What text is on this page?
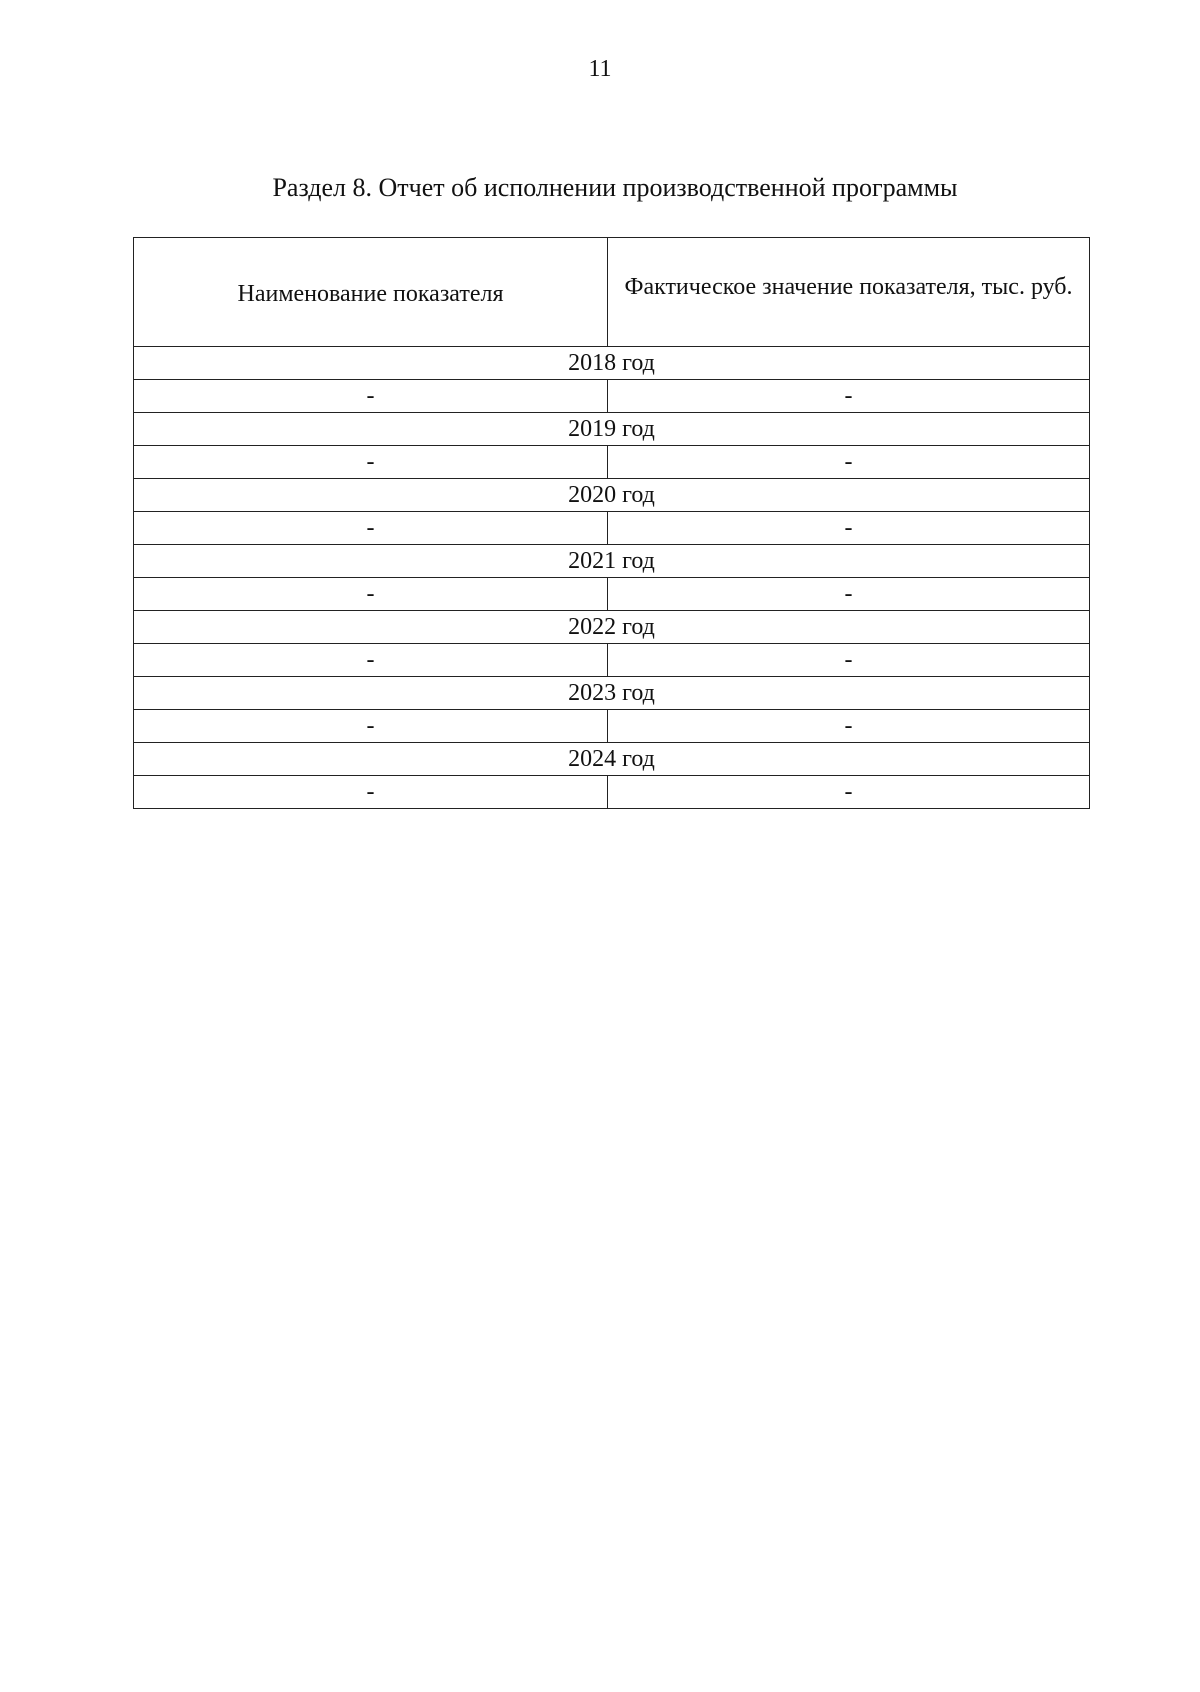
11
Раздел 8. Отчет об исполнении производственной программы
Наименование показателя	Фактическое значение показателя, тыс. руб.
2018 год	
-	-
2019 год	
-	-
2020 год	
-	-
2021 год	
-	-
2022 год	
-	-
2023 год	
-	-
2024 год	
-	-
